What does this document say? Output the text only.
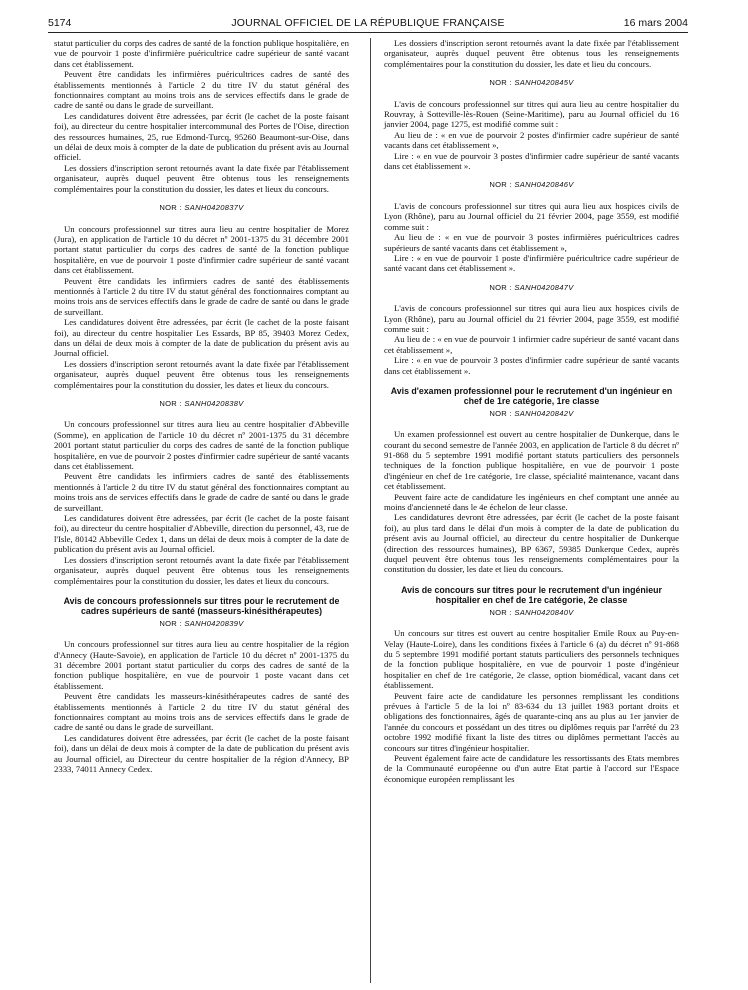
5174	JOURNAL OFFICIEL DE LA RÉPUBLIQUE FRANÇAISE	16 mars 2004

statut particulier du corps des cadres de santé de la fonction publique hospitalière, en vue de pourvoir 1 poste d'infirmière puéricultrice cadre supérieur de santé vacant dans cet établissement.

Peuvent être candidats les infirmières puéricultrices cadres de santé des établissements mentionnés à l'article 2 du titre IV du statut général des fonctionnaires comptant au moins trois ans de services effectifs dans le grade de cadre de santé ou dans le grade de surveillant.

Les candidatures doivent être adressées, par écrit (le cachet de la poste faisant foi), au directeur du centre hospitalier intercommunal des Portes de l'Oise, direction des ressources humaines, 25, rue Edmond-Turcq, 95260 Beaumont-sur-Oise, dans un délai de deux mois à compter de la date de publication du présent avis au Journal officiel.

Les dossiers d'inscription seront retournés avant la date fixée par l'établissement organisateur, auprès duquel peuvent être obtenus tous les renseignements complémentaires pour la constitution du dossier, les dates et lieux du concours.

NOR : SANH0420837V

Un concours professionnel sur titres aura lieu au centre hospitalier de Morez (Jura), en application de l'article 10 du décret nº 2001-1375 du 31 décembre 2001 portant statut particulier du corps des cadres de santé de la fonction publique hospitalière, en vue de pourvoir 1 poste d'infirmier cadre supérieur de santé vacant dans cet établissement.

Peuvent être candidats les infirmiers cadres de santé des établissements mentionnés à l'article 2 du titre IV du statut général des fonctionnaires comptant au moins trois ans de services effectifs dans le grade de cadre de santé ou dans le grade de surveillant.

Les candidatures doivent être adressées, par écrit (le cachet de la poste faisant foi), au directeur du centre hospitalier Les Essards, BP 85, 39403 Morez Cedex, dans un délai de deux mois à compter de la date de publication du présent avis au Journal officiel.

Les dossiers d'inscription seront retournés avant la date fixée par l'établissement organisateur, auprès duquel peuvent être obtenus tous les renseignements complémentaires pour la constitution du dossier, les dates et lieux du concours.

NOR : SANH0420838V

Un concours professionnel sur titres aura lieu au centre hospitalier d'Abbeville (Somme), en application de l'article 10 du décret nº 2001-1375 du 31 décembre 2001 portant statut particulier du corps des cadres de santé de la fonction publique hospitalière, en vue de pourvoir 2 postes d'infirmier cadre supérieur de santé vacants dans cet établissement.

Peuvent être candidats les infirmiers cadres de santé des établissements mentionnés à l'article 2 du titre IV du statut général des fonctionnaires comptant au moins trois ans de services effectifs dans le grade de cadre de santé ou dans le grade de surveillant.

Les candidatures doivent être adressées, par écrit (le cachet de la poste faisant foi), au directeur du centre hospitalier d'Abbeville, direction du personnel, 43, rue de l'Isle, 80142 Abbeville Cedex 1, dans un délai de deux mois à compter de la date de publication du présent avis au Journal officiel.

Les dossiers d'inscription seront retournés avant la date fixée par l'établissement organisateur, auprès duquel peuvent être obtenus tous les renseignements complémentaires pour la constitution du dossier, les dates et lieux du concours.

Avis de concours professionnels sur titres pour le recrutement de cadres supérieurs de santé (masseurs-kinésithérapeutes)
NOR : SANH0420839V

Un concours professionnel sur titres aura lieu au centre hospitalier de la région d'Annecy (Haute-Savoie), en application de l'article 10 du décret nº 2001-1375 du 31 décembre 2001 portant statut particulier du corps des cadres de santé de la fonction publique hospitalière, en vue de pourvoir 1 poste vacant dans cet établissement.

Peuvent être candidats les masseurs-kinésithérapeutes cadres de santé des établissements mentionnés à l'article 2 du titre IV du statut général des fonctionnaires comptant au moins trois ans de services effectifs dans le grade de cadre de santé ou dans le grade de surveillant.

Les candidatures doivent être adressées, par écrit (le cachet de la poste faisant foi), dans un délai de deux mois à compter de la date de publication du présent avis au Journal officiel, au Directeur du centre hospitalier de la région d'Annecy, BP 2333, 74011 Annecy Cedex.

Les dossiers d'inscription seront retournés avant la date fixée par l'établissement organisateur, auprès duquel peuvent être obtenus tous les renseignements complémentaires pour la constitution du dossier, les date et lieu du concours.

NOR : SANH0420845V

L'avis de concours professionnel sur titres qui aura lieu au centre hospitalier du Rouvray, à Sotteville-lès-Rouen (Seine-Maritime), paru au Journal officiel du 16 janvier 2004, page 1275, est modifié comme suit :

Au lieu de : « en vue de pourvoir 2 postes d'infirmier cadre supérieur de santé vacants dans cet établissement »,

Lire : « en vue de pourvoir 3 postes d'infirmier cadre supérieur de santé vacants dans cet établissement ».

NOR : SANH0420846V

L'avis de concours professionnel sur titres qui aura lieu aux hospices civils de Lyon (Rhône), paru au Journal officiel du 21 février 2004, page 3559, est modifié comme suit :

Au lieu de : « en vue de pourvoir 3 postes infirmières puéricultrices cadres supérieurs de santé vacants dans cet établissement »,

Lire : « en vue de pourvoir 1 poste d'infirmière puéricultrice cadre supérieur de santé vacant dans cet établissement ».

NOR : SANH0420847V

L'avis de concours professionnel sur titres qui aura lieu aux hospices civils de Lyon (Rhône), paru au Journal officiel du 21 février 2004, page 3559, est modifié comme suit :

Au lieu de : « en vue de pourvoir 1 infirmier cadre supérieur de santé vacant dans cet établissement »,

Lire : « en vue de pourvoir 3 postes d'infirmier cadre supérieur de santé vacants dans cet établissement ».

Avis d'examen professionnel pour le recrutement d'un ingénieur en chef de 1re catégorie, 1re classe
NOR : SANH0420842V

Un examen professionnel est ouvert au centre hospitalier de Dunkerque, dans le courant du second semestre de l'année 2003, en application de l'article 8 du décret nº 91-868 du 5 septembre 1991 modifié portant statuts particuliers des personnels techniques de la fonction publique hospitalière, en vue de pourvoir 1 poste d'ingénieur en chef de 1re catégorie, 1re classe, spécialité maintenance, vacant dans cet établissement.

Peuvent faire acte de candidature les ingénieurs en chef comptant une année au moins d'ancienneté dans le 4e échelon de leur classe.

Les candidatures devront être adressées, par écrit (le cachet de la poste faisant foi), au plus tard dans le délai d'un mois à compter de la date de publication du présent avis au Journal officiel, au directeur du centre hospitalier de Dunkerque (direction des ressources humaines), BP 6367, 59385 Dunkerque Cedex, auprès duquel peuvent être obtenus tous les renseignements complémentaires pour la constitution du dossier, les date et lieu du concours.

Avis de concours sur titres pour le recrutement d'un ingénieur hospitalier en chef de 1re catégorie, 2e classe
NOR : SANH0420840V

Un concours sur titres est ouvert au centre hospitalier Emile Roux au Puy-en-Velay (Haute-Loire), dans les conditions fixées à l'article 6 (a) du décret nº 91-868 du 5 septembre 1991 modifié portant statuts particuliers des personnels techniques de la fonction publique hospitalière, en vue de pourvoir 1 poste d'ingénieur hospitalier en chef de 1re catégorie, 2e classe, option biomédical, vacant dans cet établissement.

Peuvent faire acte de candidature les personnes remplissant les conditions prévues à l'article 5 de la loi nº 83-634 du 13 juillet 1983 portant droits et obligations des fonctionnaires, âgés de quarante-cinq ans au plus au 1er janvier de l'année du concours et possédant un des titres ou diplômes requis par l'arrêté du 23 octobre 1992 modifié fixant la liste des titres ou diplômes permettant l'accès au concours sur titres d'ingénieur hospitalier.

Peuvent également faire acte de candidature les ressortissants des Etats membres de la Communauté européenne ou d'un autre Etat partie à l'accord sur l'Espace économique européen remplissant les
